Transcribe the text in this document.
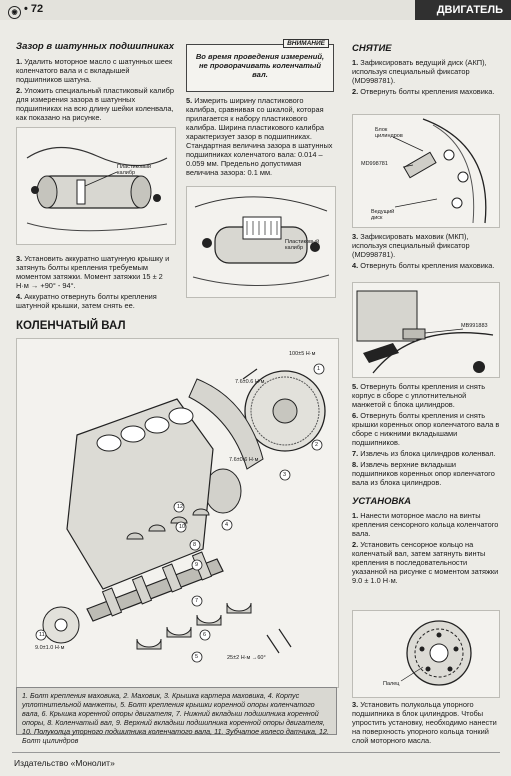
◉ • 72	ДВИГАТЕЛЬ

Зазор в шатунных подшипниках

1. Удалить моторное масло с шатунных шеек коленчатого вала и с вкладышей подшипников шатуна.

2. Уложить специальный пластиковый калибр для измерения зазора в шатунных подшипниках на всю длину шейки коленвала, как показано на рисунке.

Пластиковый калибр

3. Установить аккуратно шатунную крышку и затянуть болты крепления требуемым моментом затяжки. Момент затяжки 15 ± 2 Н·м → +90° - 94°.

4. Аккуратно отвернуть болты крепления шатунной крышки, затем снять ее.

ВНИМАНИЕ
Во время проведения измерений, не проворачивать коленчатый вал.

5. Измерить ширину пластикового калибра, сравнивая со шкалой, которая прилагается к набору пластикового калибра. Ширина пластикового калибра характеризует зазор в подшипниках. Стандартная величина зазора в шатунных подшипниках коленчатого вала: 0.014 – 0.059 мм. Предельно допустимая величина зазора: 0.1 мм.

Пластиковый калибр
КОЛЕНЧАТЫЙ ВАЛ
100±5 Н·м
7.6±0.6 Н·м
7.6±0.6 Н·м
9.0±1.0 Н·м
25±2 Н·м →60°
1
2
3
4
12
10
8
9
7
6
5
11
1. Болт крепления маховика, 2. Маховик, 3. Крышка картера маховика, 4. Корпус уплотнительной манжеты, 5. Болт крепления крышки коренной опоры коленчатого вала, 6. Крышка коренной опоры двигателя, 7. Нижний вкладыш подшипника коренной опоры, 8. Коленчатый вал, 9. Верхний вкладыш подшипника коренной опоры двигателя, 10. Полуколца упорного подшипника коленчатого вала, 11. Зубчатое колесо датчика, 12. Болт цилиндров

СНЯТИЕ

1. Зафиксировать ведущий диск (АКП), используя специальный фиксатор (MD998781).

2. Отвернуть болты крепления маховика.

Блок цилиндров
MD998781
Ведущий диск

3. Зафиксировать маховик (МКП), используя специальный фиксатор (MD998781).

4. Отвернуть болты крепления маховика.

MB991883

5. Отвернуть болты крепления и снять корпус в сборе с уплотнительной манжетой с блока цилиндров.

6. Отвернуть болты крепления и снять крышки коренных опор коленчатого вала в сборе с нижними вкладышами подшипников.

7. Извлечь из блока цилиндров коленвал.

8. Извлечь верхние вкладыши подшипников коренных опор коленчатого вала из блока цилиндров.

УСТАНОВКА

1. Нанести моторное масло на винты крепления сенсорного кольца коленчатого вала.

2. Установить сенсорное кольцо на коленчатый вал, затем затянуть винты крепления в последовательности указанной на рисунке с моментом затяжки 9.0 ± 1.0 Н·м.

Палец

3. Установить полукольца упорного подшипника в блок цилиндров. Чтобы упростить установку, необходимо нанести на поверхность упорного кольца тонкий слой моторного масла.

Издательство «Монолит»
